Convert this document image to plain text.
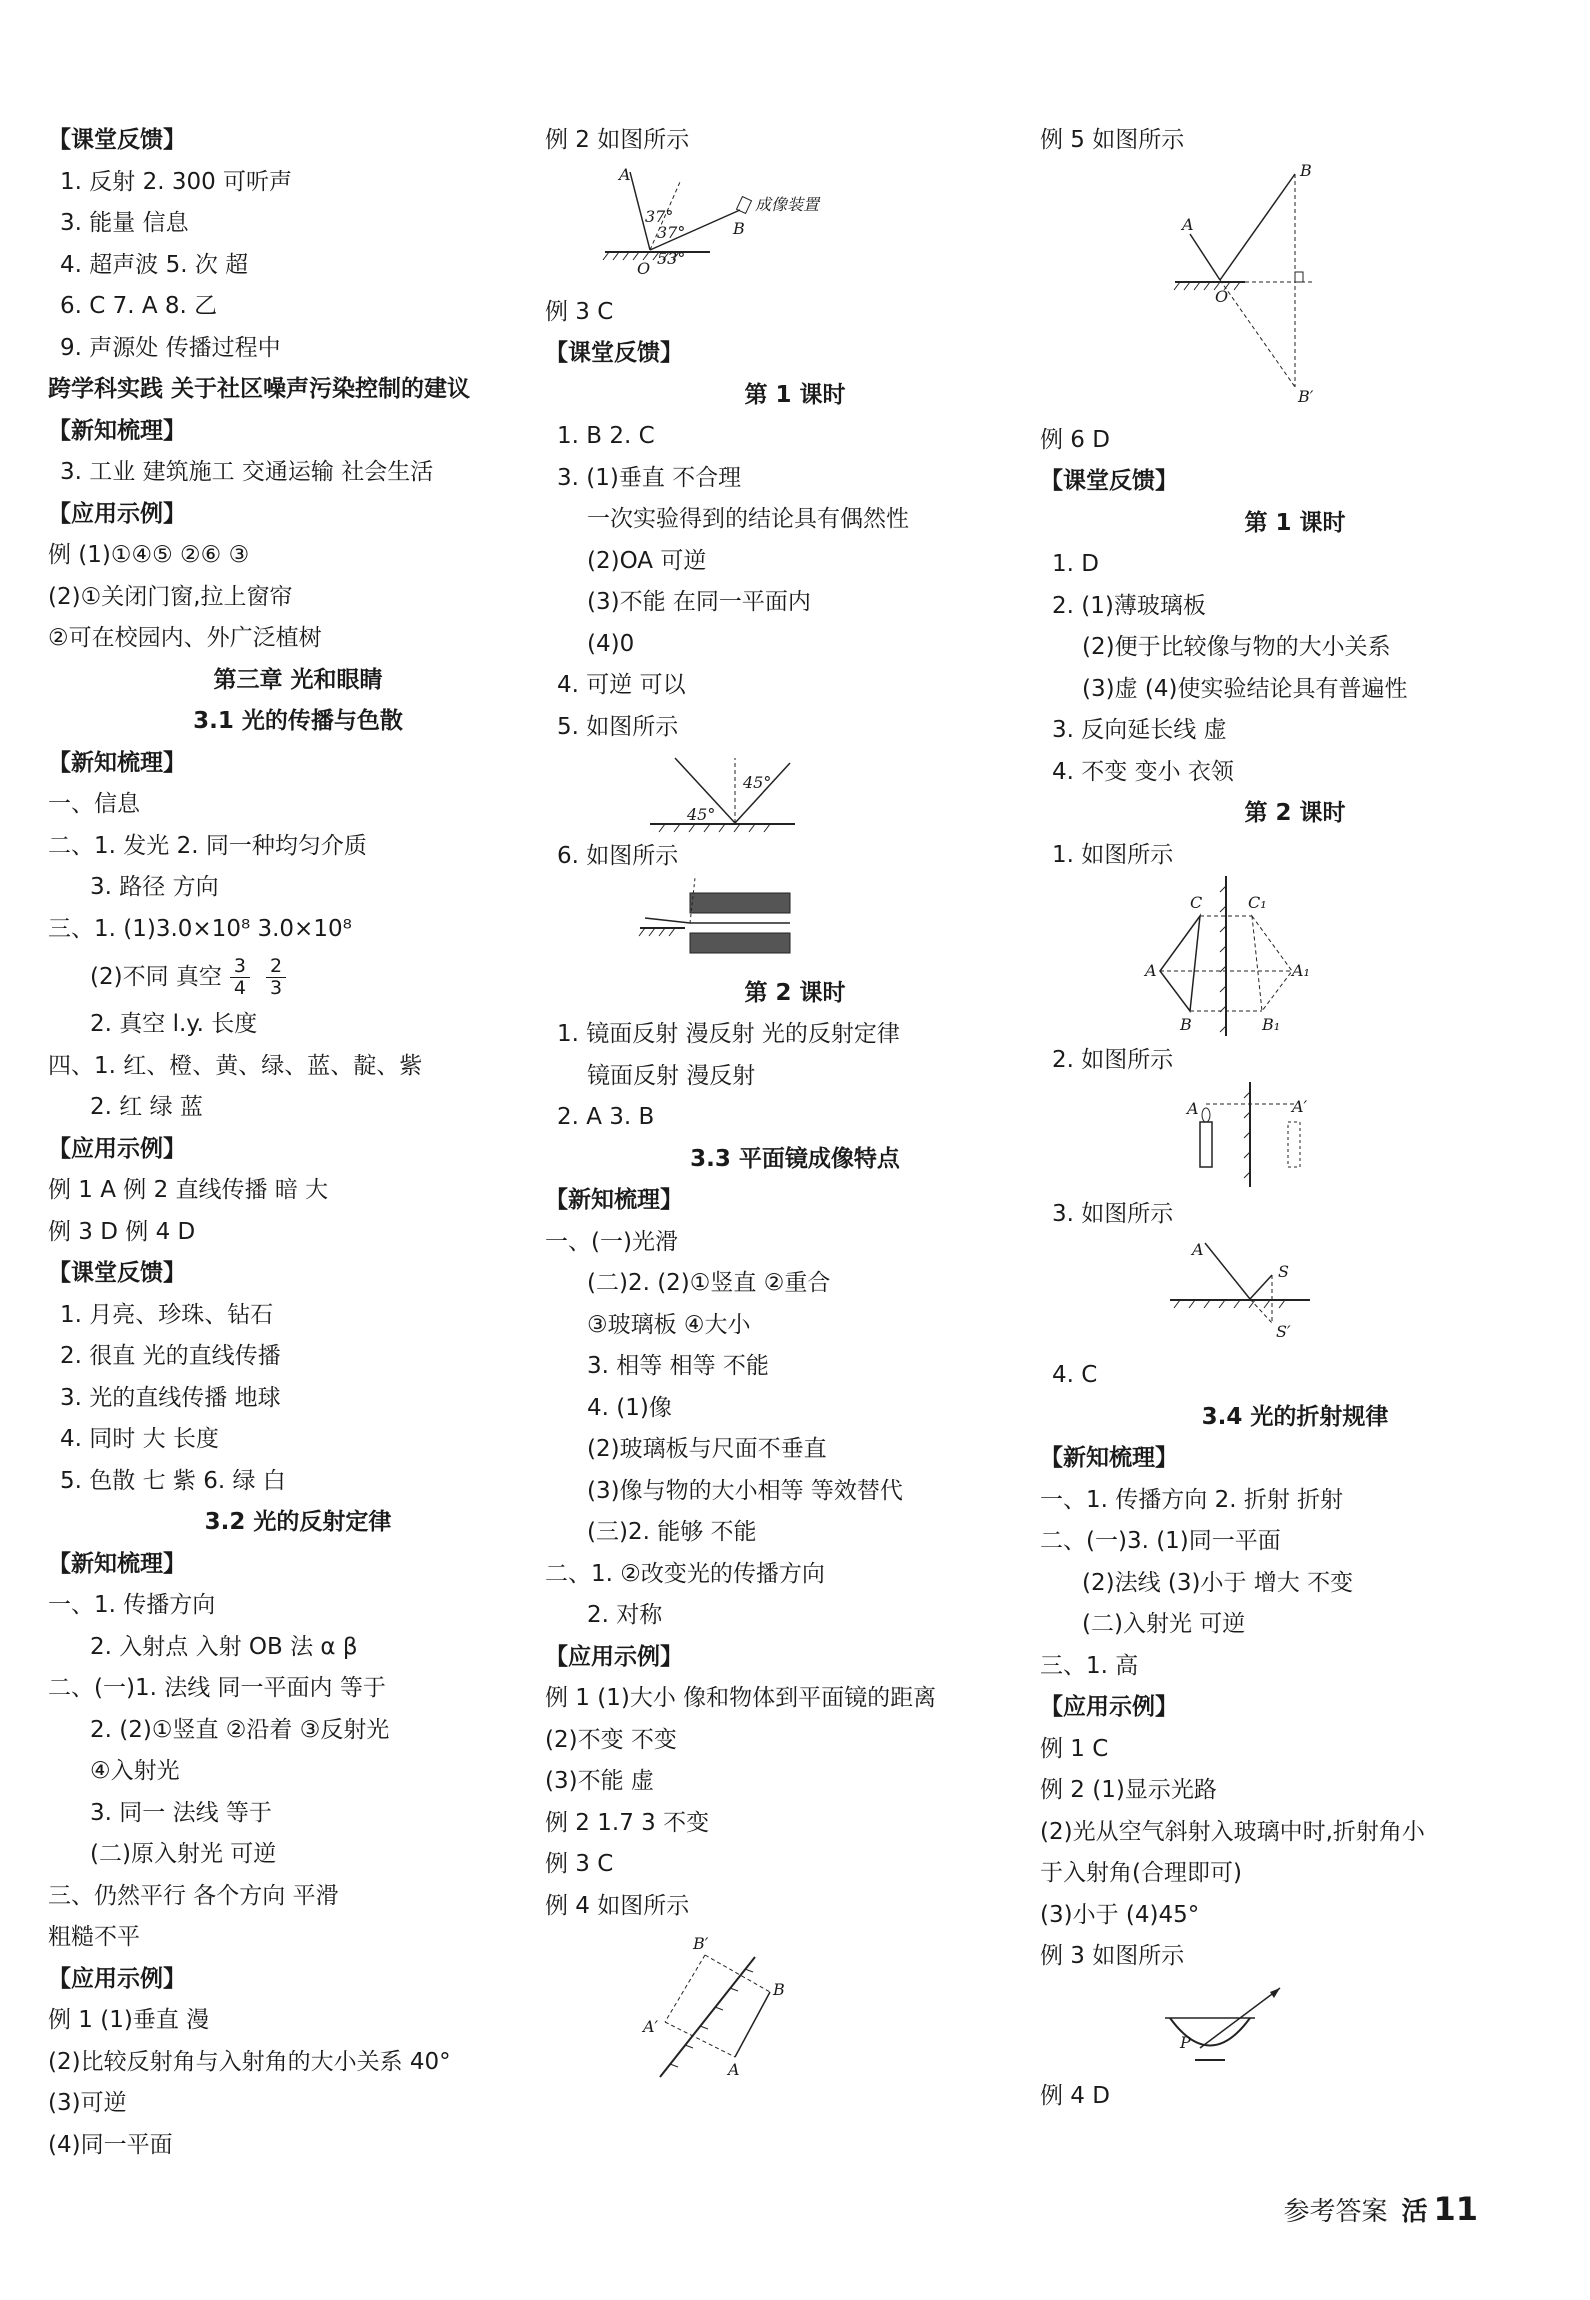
【课堂反馈】
1. 反射 2. 300 可听声
3. 能量 信息
4. 超声波 5. 次 超
6. C 7. A 8. 乙
9. 声源处 传播过程中
跨学科实践 关于社区噪声污染控制的建议
【新知梳理】
3. 工业 建筑施工 交通运输 社会生活
【应用示例】
例 (1)①④⑤ ②⑥ ③
(2)①关闭门窗,拉上窗帘
②可在校园内、外广泛植树
第三章 光和眼睛
3.1 光的传播与色散
【新知梳理】
一、信息
二、1. 发光 2. 同一种均匀介质
3. 路径 方向
三、1. (1)3.0×10⁸ 3.0×10⁸
(2)不同 真空 $\frac{3}{4} \frac{2}{3}$
2. 真空 l.y. 长度
四、1. 红、橙、黄、绿、蓝、靛、紫
2. 红 绿 蓝
【应用示例】
例 1 A 例 2 直线传播 暗 大
例 3 D 例 4 D
【课堂反馈】
1. 月亮、珍珠、钻石
2. 很直 光的直线传播
3. 光的直线传播 地球
4. 同时 大 长度
5. 色散 七 紫 6. 绿 白
3.2 光的反射定律
【新知梳理】
一、1. 传播方向
2. 入射点 入射 OB 法 α β
二、(一)1. 法线 同一平面内 等于
2. (2)①竖直 ②沿着 ③反射光
④入射光
3. 同一 法线 等于
(二)原入射光 可逆
三、仍然平行 各个方向 平滑
粗糙不平
【应用示例】
例 1 (1)垂直 漫
(2)比较反射角与入射角的大小关系 40°
(3)可逆
(4)同一平面
例 2 如图所示
A
37°
37°
53°
O
B
成像装置
例 3 C
【课堂反馈】
第 1 课时
1. B 2. C
3. (1)垂直 不合理
一次实验得到的结论具有偶然性
(2)OA 可逆
(3)不能 在同一平面内
(4)0
4. 可逆 可以
5. 如图所示
45°
45°
6. 如图所示
第 2 课时
1. 镜面反射 漫反射 光的反射定律
镜面反射 漫反射
2. A 3. B
3.3 平面镜成像特点
【新知梳理】
一、(一)光滑
(二)2. (2)①竖直 ②重合
③玻璃板 ④大小
3. 相等 相等 不能
4. (1)像
(2)玻璃板与尺面不垂直
(3)像与物的大小相等 等效替代
(三)2. 能够 不能
二、1. ②改变光的传播方向
2. 对称
【应用示例】
例 1 (1)大小 像和物体到平面镜的距离
(2)不变 不变
(3)不能 虚
例 2 1.7 3 不变
例 3 C
例 4 如图所示
B′
B
A′
A
例 5 如图所示
A
B
O
B′
例 6 D
【课堂反馈】
第 1 课时
1. D
2. (1)薄玻璃板
(2)便于比较像与物的大小关系
(3)虚 (4)使实验结论具有普遍性
3. 反向延长线 虚
4. 不变 变小 衣领
第 2 课时
1. 如图所示
C	C₁
A	A₁
B	B₁
2. 如图所示
A	A′
3. 如图所示
A
S
S′
4. C
3.4 光的折射规律
【新知梳理】
一、1. 传播方向 2. 折射 折射
二、(一)3. (1)同一平面
(2)法线 (3)小于 增大 不变
(二)入射光 可逆
三、1. 高
【应用示例】
例 1 C
例 2 (1)显示光路
(2)光从空气斜射入玻璃中时,折射角小
于入射角(合理即可)
(3)小于 (4)45°
例 3 如图所示
P
例 4 D
参考答案 活 11
